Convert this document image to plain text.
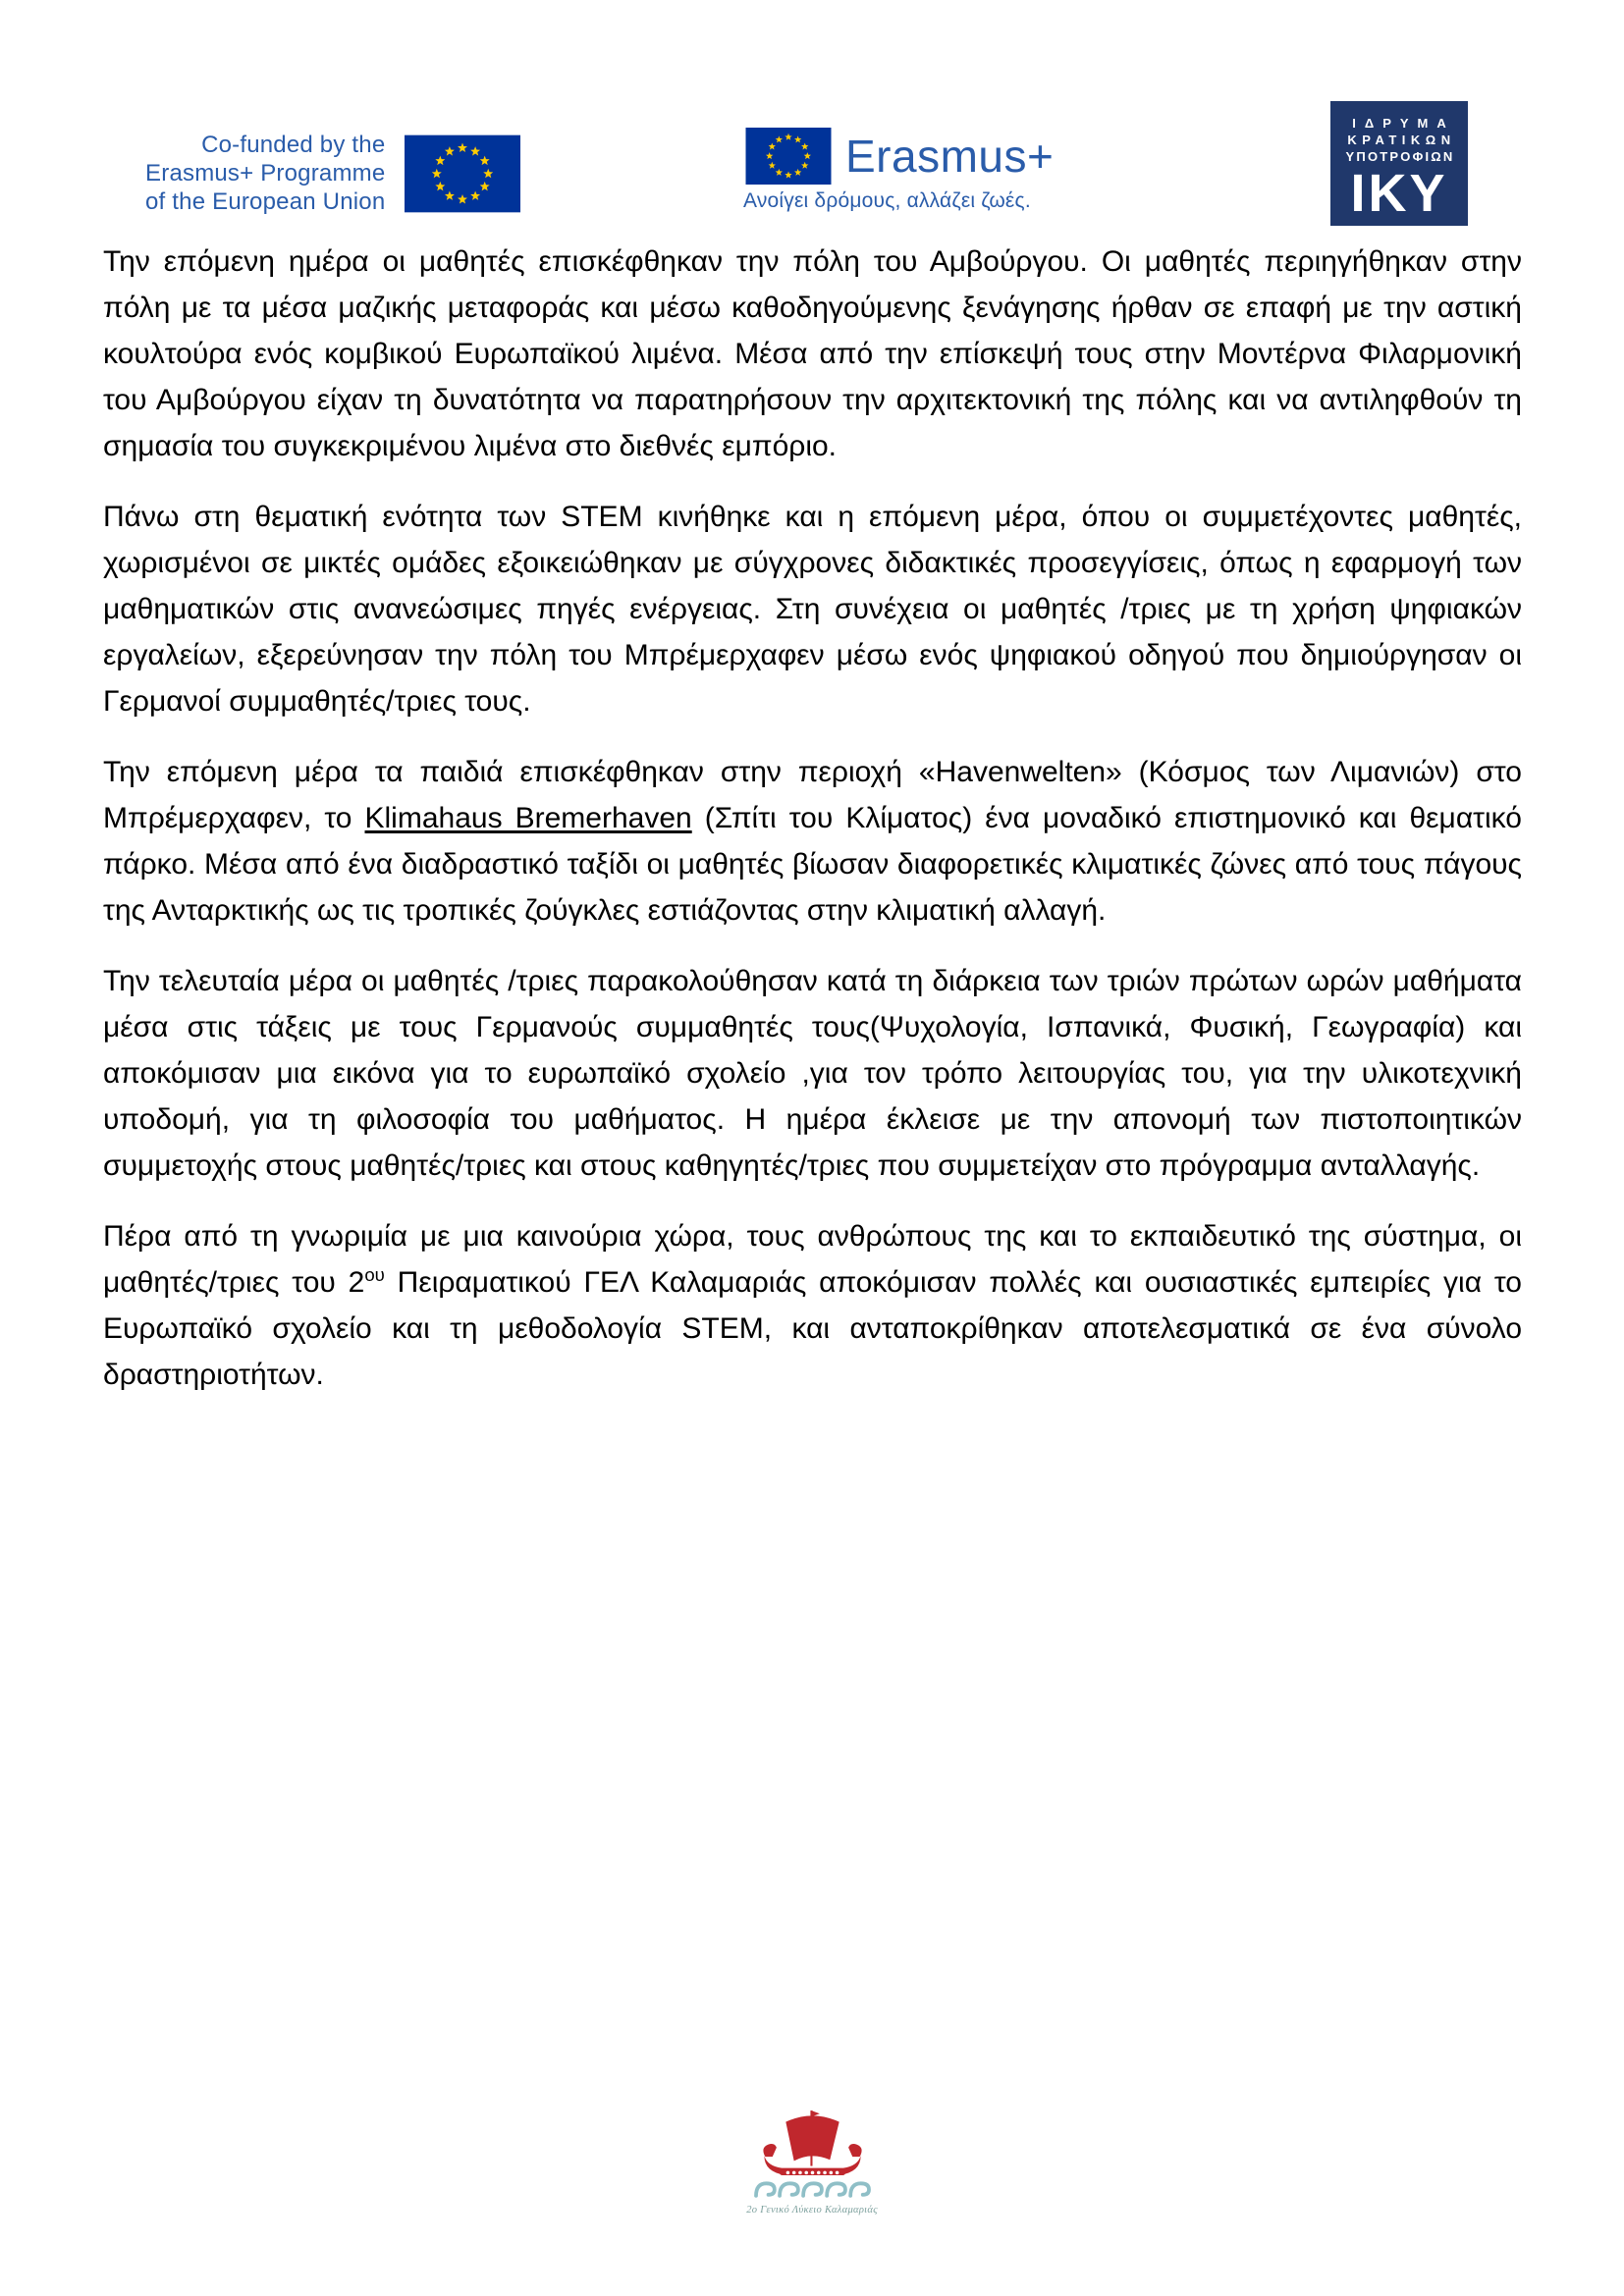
Co-funded by the
Erasmus+ Programme
of the European Union
Erasmus+
Ανοίγει δρόμους, αλλάζει ζωές.
ΙΔΡΥΜΑ
ΚΡΑΤΙΚΩΝ
ΥΠΟΤΡΟΦΙΩΝ
IKY

Την επόμενη ημέρα οι μαθητές επισκέφθηκαν την πόλη του Αμβούργου. Οι μαθητές περιηγήθηκαν στην πόλη με τα μέσα μαζικής μεταφοράς και μέσω καθοδηγούμενης ξενάγησης ήρθαν σε επαφή με την αστική κουλτούρα ενός κομβικού Ευρωπαϊκού λιμένα. Μέσα από την επίσκεψή τους στην Μοντέρνα Φιλαρμονική του Αμβούργου είχαν τη δυνατότητα να παρατηρήσουν την αρχιτεκτονική της πόλης και να αντιληφθούν τη σημασία του συγκεκριμένου λιμένα στο διεθνές εμπόριο.

Πάνω στη θεματική ενότητα των STEM κινήθηκε και η επόμενη μέρα, όπου οι συμμετέχοντες μαθητές, χωρισμένοι σε μικτές ομάδες εξοικειώθηκαν με σύγχρονες διδακτικές προσεγγίσεις, όπως η εφαρμογή των μαθηματικών στις ανανεώσιμες πηγές ενέργειας. Στη συνέχεια οι μαθητές /τριες με τη χρήση ψηφιακών εργαλείων, εξερεύνησαν την πόλη του Μπρέμερχαφεν μέσω ενός ψηφιακού οδηγού που δημιούργησαν οι Γερμανοί συμμαθητές/τριες τους.

Την επόμενη μέρα τα παιδιά επισκέφθηκαν στην περιοχή «Havenwelten» (Κόσμος των Λιμανιών) στο Μπρέμερχαφεν, το Klimahaus Bremerhaven (Σπίτι του Κλίματος) ένα μοναδικό επιστημονικό και θεματικό πάρκο. Μέσα από ένα διαδραστικό ταξίδι οι μαθητές βίωσαν διαφορετικές κλιματικές ζώνες από τους πάγους της Ανταρκτικής ως τις τροπικές ζούγκλες εστιάζοντας στην κλιματική αλλαγή.

Την τελευταία μέρα οι μαθητές /τριες παρακολούθησαν κατά τη διάρκεια των τριών πρώτων ωρών μαθήματα μέσα στις τάξεις με τους Γερμανούς συμμαθητές τους(Ψυχολογία, Ισπανικά, Φυσική, Γεωγραφία) και αποκόμισαν μια εικόνα για το ευρωπαϊκό σχολείο ,για τον τρόπο λειτουργίας του, για την υλικοτεχνική υποδομή, για τη φιλοσοφία του μαθήματος. Η ημέρα έκλεισε με την απονομή των πιστοποιητικών συμμετοχής στους μαθητές/τριες και στους καθηγητές/τριες που συμμετείχαν στο πρόγραμμα ανταλλαγής.

Πέρα από τη γνωριμία με μια καινούρια χώρα, τους ανθρώπους της και το εκπαιδευτικό της σύστημα, οι μαθητές/τριες του $2^{o\upsilon}$ Πειραματικού ΓΕΛ Καλαμαριάς αποκόμισαν πολλές και ουσιαστικές εμπειρίες για το Ευρωπαϊκό σχολείο και τη μεθοδολογία STEM, και ανταποκρίθηκαν αποτελεσματικά σε ένα σύνολο δραστηριοτήτων.

2ο Γενικό Λύκειο Καλαμαριάς
